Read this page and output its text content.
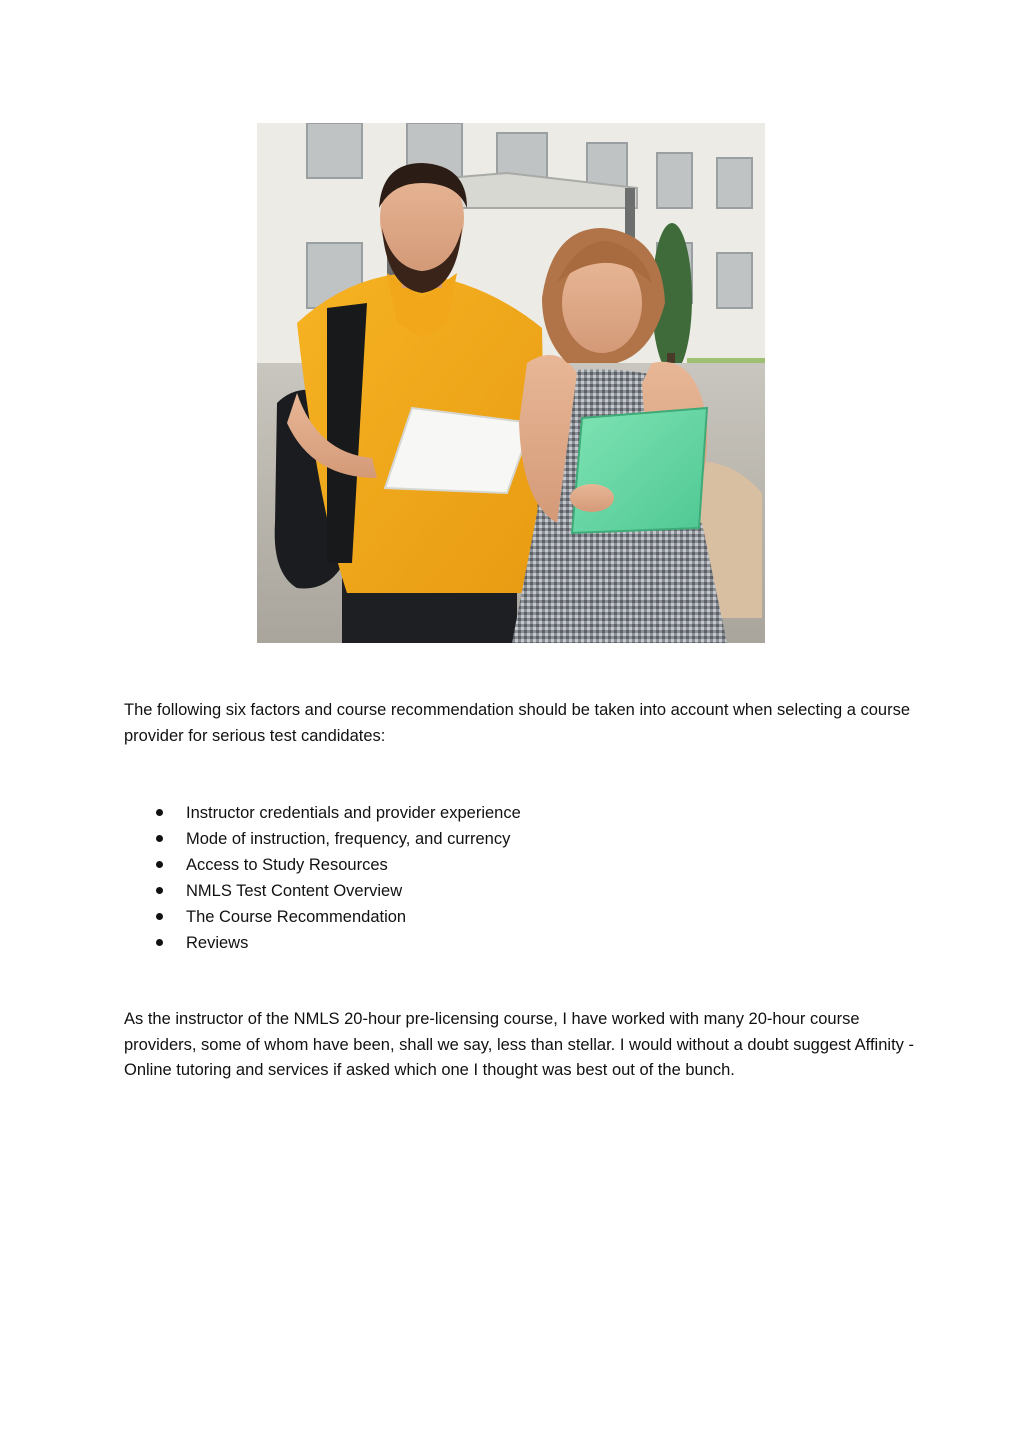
The following six factors and course recommendation should be taken into account when selecting a course provider for serious test candidates:

Instructor credentials and provider experience
Mode of instruction, frequency, and currency
Access to Study Resources
NMLS Test Content Overview
The Course Recommendation
Reviews

As the instructor of the NMLS 20-hour pre-licensing course, I have worked with many 20-hour course providers, some of whom have been, shall we say, less than stellar. I would without a doubt suggest Affinity - Online tutoring and services if asked which one I thought was best out of the bunch.
